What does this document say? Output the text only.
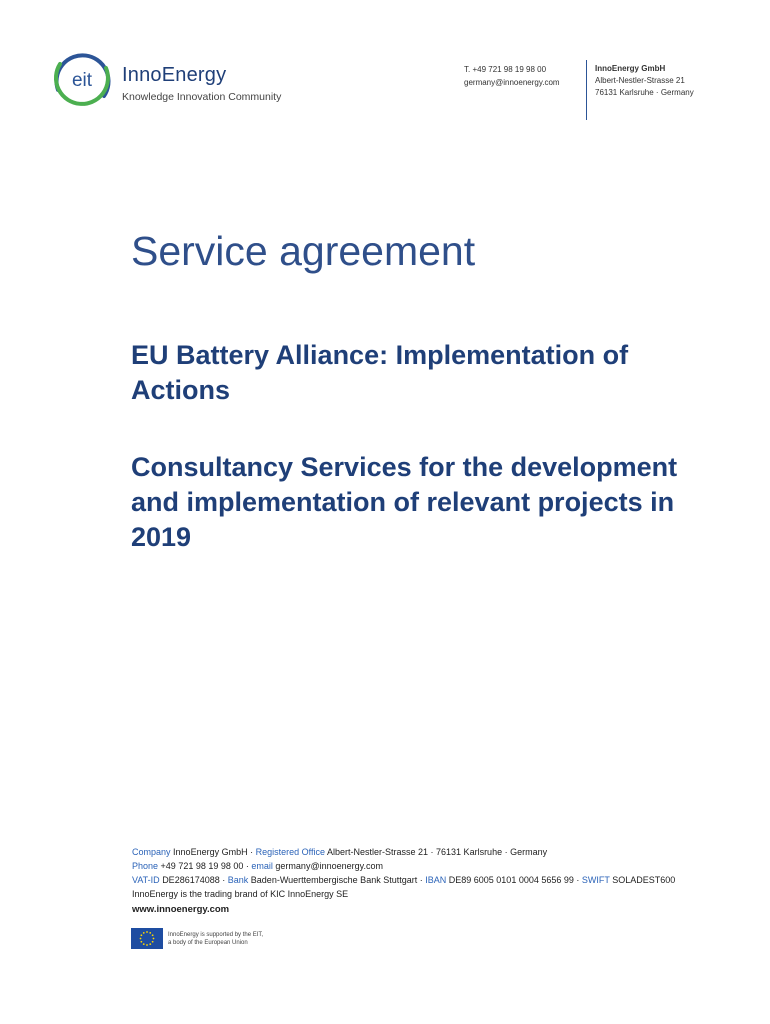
eit InnoEnergy
Knowledge Innovation Community
T. +49 721 98 19 98 00
germany@innoenergy.com
InnoEnergy GmbH
Albert-Nestler-Strasse 21
76131 Karlsruhe · Germany
Service agreement
EU Battery Alliance: Implementation of Actions
Consultancy Services for the development and implementation of relevant projects in 2019
Company InnoEnergy GmbH · Registered Office Albert-Nestler-Strasse 21 · 76131 Karlsruhe · Germany
Phone +49 721 98 19 98 00 · email germany@innoenergy.com
VAT-ID DE286174088 · Bank Baden-Wuerttembergische Bank Stuttgart · IBAN DE89 6005 0101 0004 5656 99 · SWIFT SOLADEST600
InnoEnergy is the trading brand of KIC InnoEnergy SE
www.innoenergy.com
InnoEnergy is supported by the EIT,
a body of the European Union
